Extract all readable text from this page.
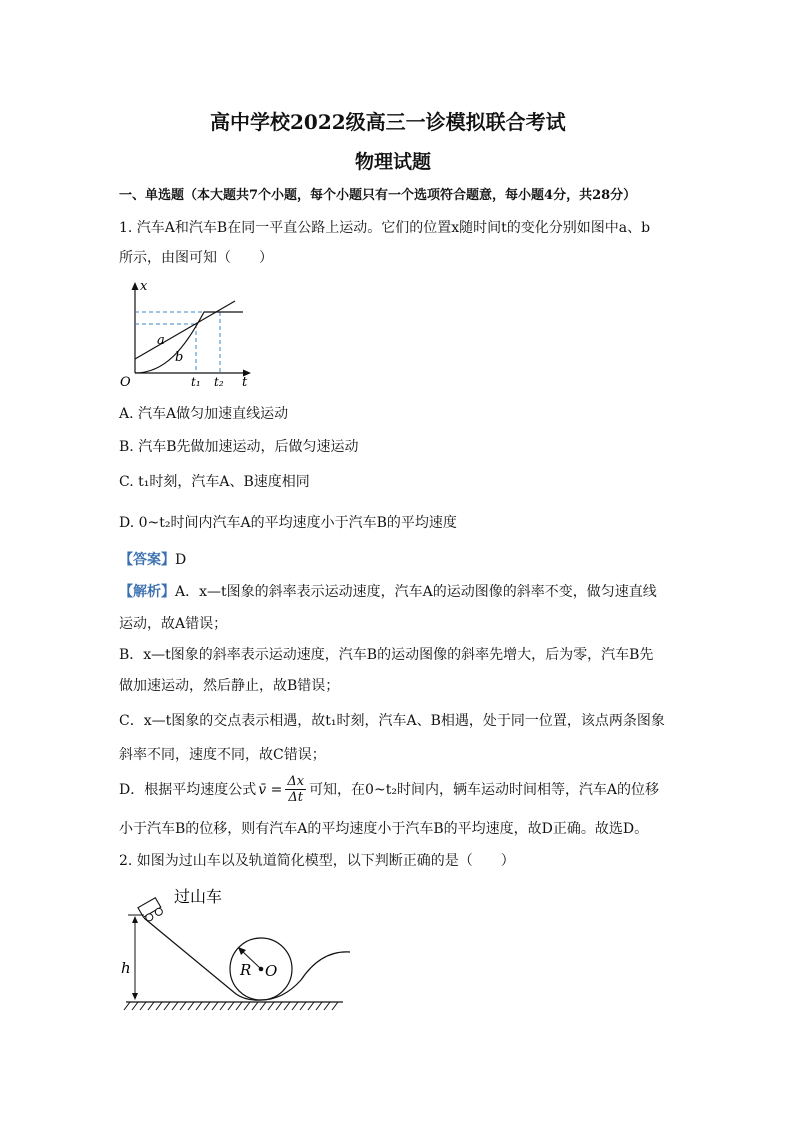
高中学校2022级高三一诊模拟联合考试
物理试题
一、单选题（本大题共7个小题，每个小题只有一个选项符合题意，每小题4分，共28分）
1. 汽车A和汽车B在同一平直公路上运动。它们的位置x随时间t的变化分别如图中a、b
所示，由图可知（　　）
x
t
O
a
b
t₁ t₂
A. 汽车A做匀加速直线运动
B. 汽车B先做加速运动，后做匀速运动
C. t₁时刻，汽车A、B速度相同
D. 0~t₂时间内汽车A的平均速度小于汽车B的平均速度
【答案】D
【解析】A．x—t图象的斜率表示运动速度，汽车A的运动图像的斜率不变，做匀速直线
运动，故A错误；
B．x—t图象的斜率表示运动速度，汽车B的运动图像的斜率先增大，后为零，汽车B先
做加速运动，然后静止，故B错误；
C．x—t图象的交点表示相遇，故t₁时刻，汽车A、B相遇，处于同一位置，该点两条图象
斜率不同，速度不同，故C错误；
D．根据平均速度公式 v̄ = $\frac{\Delta x}{\Delta t}$ 可知，在0~t₂时间内，辆车运动时间相等，汽车A的位移
小于汽车B的位移，则有汽车A的平均速度小于汽车B的平均速度，故D正确。故选D。
2. 如图为过山车以及轨道简化模型，以下判断正确的是（　　）
过山车
h	R O
